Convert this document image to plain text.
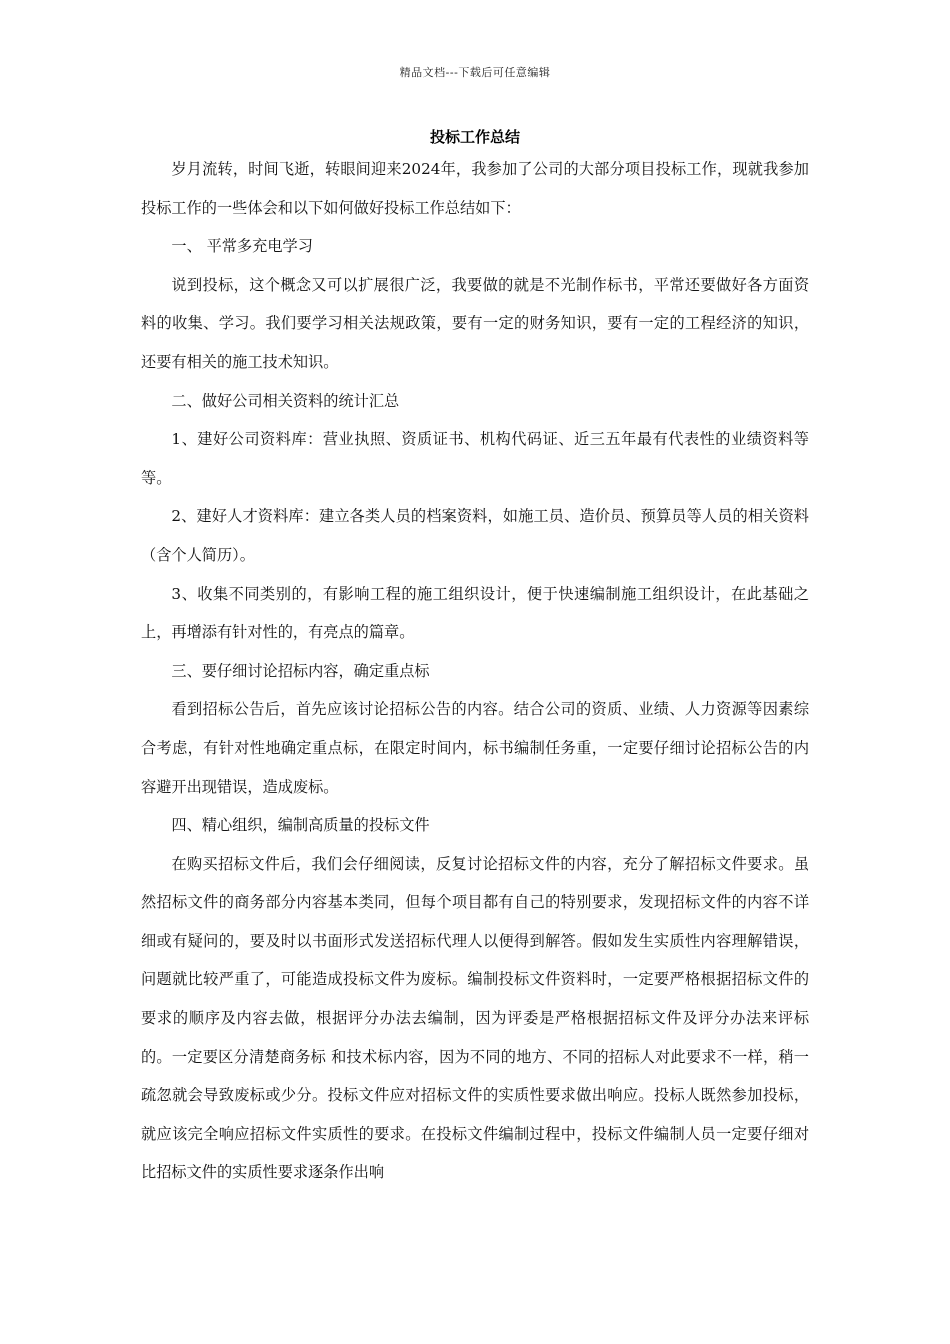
精品文档---下载后可任意编辑
投标工作总结

岁月流转，时间飞逝，转眼间迎来2024年，我参加了公司的大部分项目投标工作，现就我参加投标工作的一些体会和以下如何做好投标工作总结如下：

一、 平常多充电学习

说到投标，这个概念又可以扩展很广泛，我要做的就是不光制作标书，平常还要做好各方面资料的收集、学习。我们要学习相关法规政策，要有一定的财务知识，要有一定的工程经济的知识，还要有相关的施工技术知识。

二、做好公司相关资料的统计汇总

1、建好公司资料库：营业执照、资质证书、机构代码证、近三五年最有代表性的业绩资料等等。

2、建好人才资料库：建立各类人员的档案资料，如施工员、造价员、预算员等人员的相关资料（含个人简历）。

3、收集不同类别的，有影响工程的施工组织设计，便于快速编制施工组织设计，在此基础之上，再增添有针对性的，有亮点的篇章。

三、要仔细讨论招标内容，确定重点标

看到招标公告后，首先应该讨论招标公告的内容。结合公司的资质、业绩、人力资源等因素综合考虑，有针对性地确定重点标，在限定时间内，标书编制任务重，一定要仔细讨论招标公告的内容避开出现错误，造成废标。

四、精心组织，编制高质量的投标文件

在购买招标文件后，我们会仔细阅读，反复讨论招标文件的内容，充分了解招标文件要求。虽然招标文件的商务部分内容基本类同，但每个项目都有自己的特别要求，发现招标文件的内容不详细或有疑问的，要及时以书面形式发送招标代理人以便得到解答。假如发生实质性内容理解错误，问题就比较严重了，可能造成投标文件为废标。编制投标文件资料时，一定要严格根据招标文件的要求的顺序及内容去做，根据评分办法去编制，因为评委是严格根据招标文件及评分办法来评标的。一定要区分清楚商务标 和技术标内容，因为不同的地方、不同的招标人对此要求不一样，稍一疏忽就会导致废标或少分。投标文件应对招标文件的实质性要求做出响应。投标人既然参加投标，就应该完全响应招标文件实质性的要求。在投标文件编制过程中，投标文件编制人员一定要仔细对比招标文件的实质性要求逐条作出响
